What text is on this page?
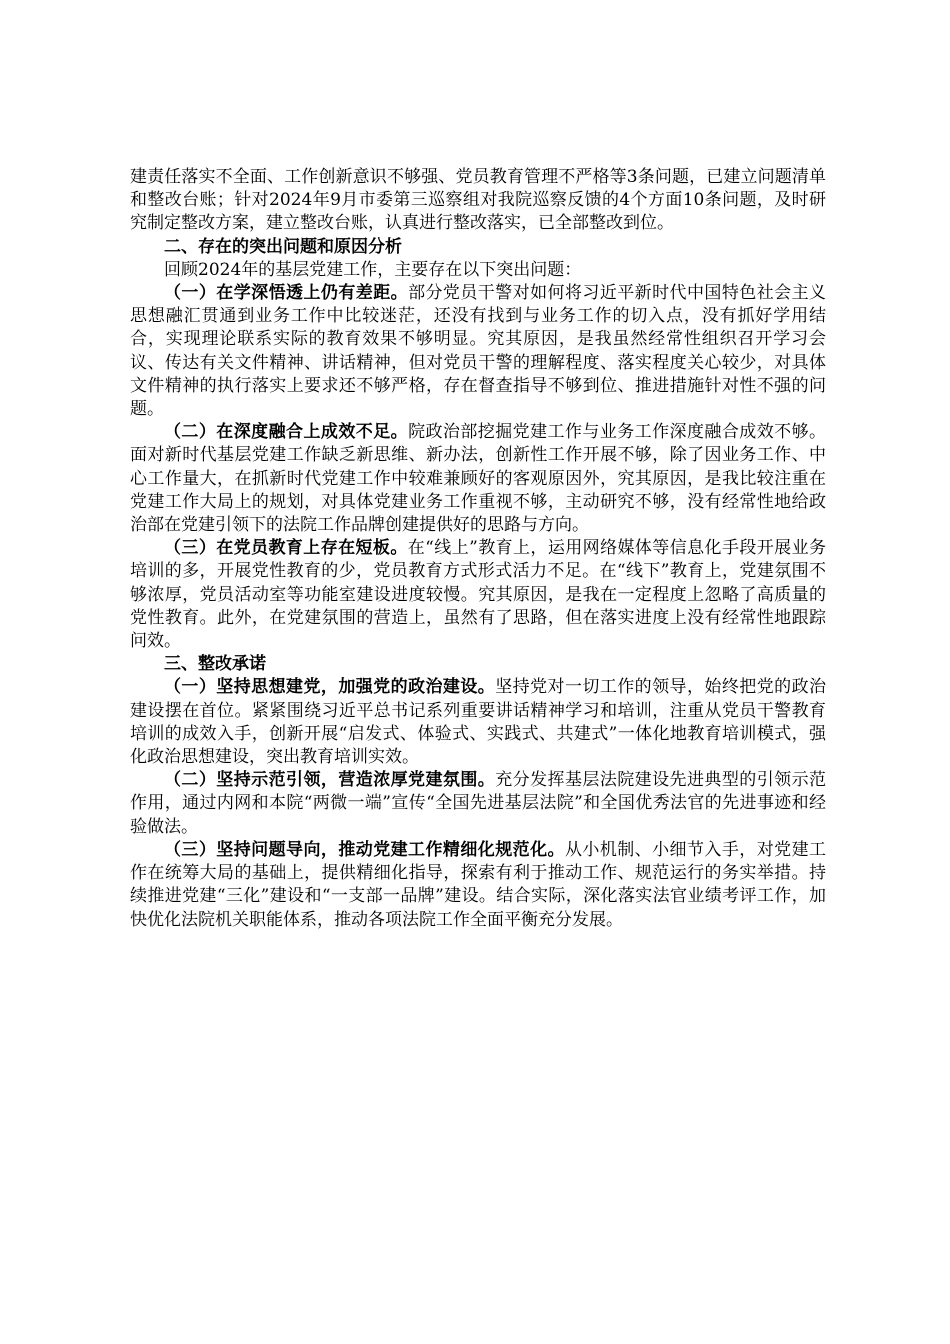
建责任落实不全面、工作创新意识不够强、党员教育管理不严格等3条问题，已建立问题清单和整改台账；针对2024年9月市委第三巡察组对我院巡察反馈的4个方面10条问题，及时研究制定整改方案，建立整改台账，认真进行整改落实，已全部整改到位。

二、存在的突出问题和原因分析

回顾2024年的基层党建工作，主要存在以下突出问题：

（一）在学深悟透上仍有差距。部分党员干警对如何将习近平新时代中国特色社会主义思想融汇贯通到业务工作中比较迷茫，还没有找到与业务工作的切入点，没有抓好学用结合，实现理论联系实际的教育效果不够明显。究其原因，是我虽然经常性组织召开学习会议、传达有关文件精神、讲话精神，但对党员干警的理解程度、落实程度关心较少，对具体文件精神的执行落实上要求还不够严格，存在督查指导不够到位、推进措施针对性不强的问题。

（二）在深度融合上成效不足。院政治部挖掘党建工作与业务工作深度融合成效不够。面对新时代基层党建工作缺乏新思维、新办法，创新性工作开展不够，除了因业务工作、中心工作量大，在抓新时代党建工作中较难兼顾好的客观原因外，究其原因，是我比较注重在党建工作大局上的规划，对具体党建业务工作重视不够，主动研究不够，没有经常性地给政治部在党建引领下的法院工作品牌创建提供好的思路与方向。

（三）在党员教育上存在短板。在“线上”教育上，运用网络媒体等信息化手段开展业务培训的多，开展党性教育的少，党员教育方式形式活力不足。在“线下”教育上，党建氛围不够浓厚，党员活动室等功能室建设进度较慢。究其原因，是我在一定程度上忽略了高质量的党性教育。此外，在党建氛围的营造上，虽然有了思路，但在落实进度上没有经常性地跟踪问效。

三、整改承诺

（一）坚持思想建党，加强党的政治建设。坚持党对一切工作的领导，始终把党的政治建设摆在首位。紧紧围绕习近平总书记系列重要讲话精神学习和培训，注重从党员干警教育培训的成效入手，创新开展“启发式、体验式、实践式、共建式”一体化地教育培训模式，强化政治思想建设，突出教育培训实效。

（二）坚持示范引领，营造浓厚党建氛围。充分发挥基层法院建设先进典型的引领示范作用，通过内网和本院“两微一端”宣传“全国先进基层法院”和全国优秀法官的先进事迹和经验做法。

（三）坚持问题导向，推动党建工作精细化规范化。从小机制、小细节入手，对党建工作在统筹大局的基础上，提供精细化指导，探索有利于推动工作、规范运行的务实举措。持续推进党建“三化”建设和“一支部一品牌”建设。结合实际，深化落实法官业绩考评工作，加快优化法院机关职能体系，推动各项法院工作全面平衡充分发展。
